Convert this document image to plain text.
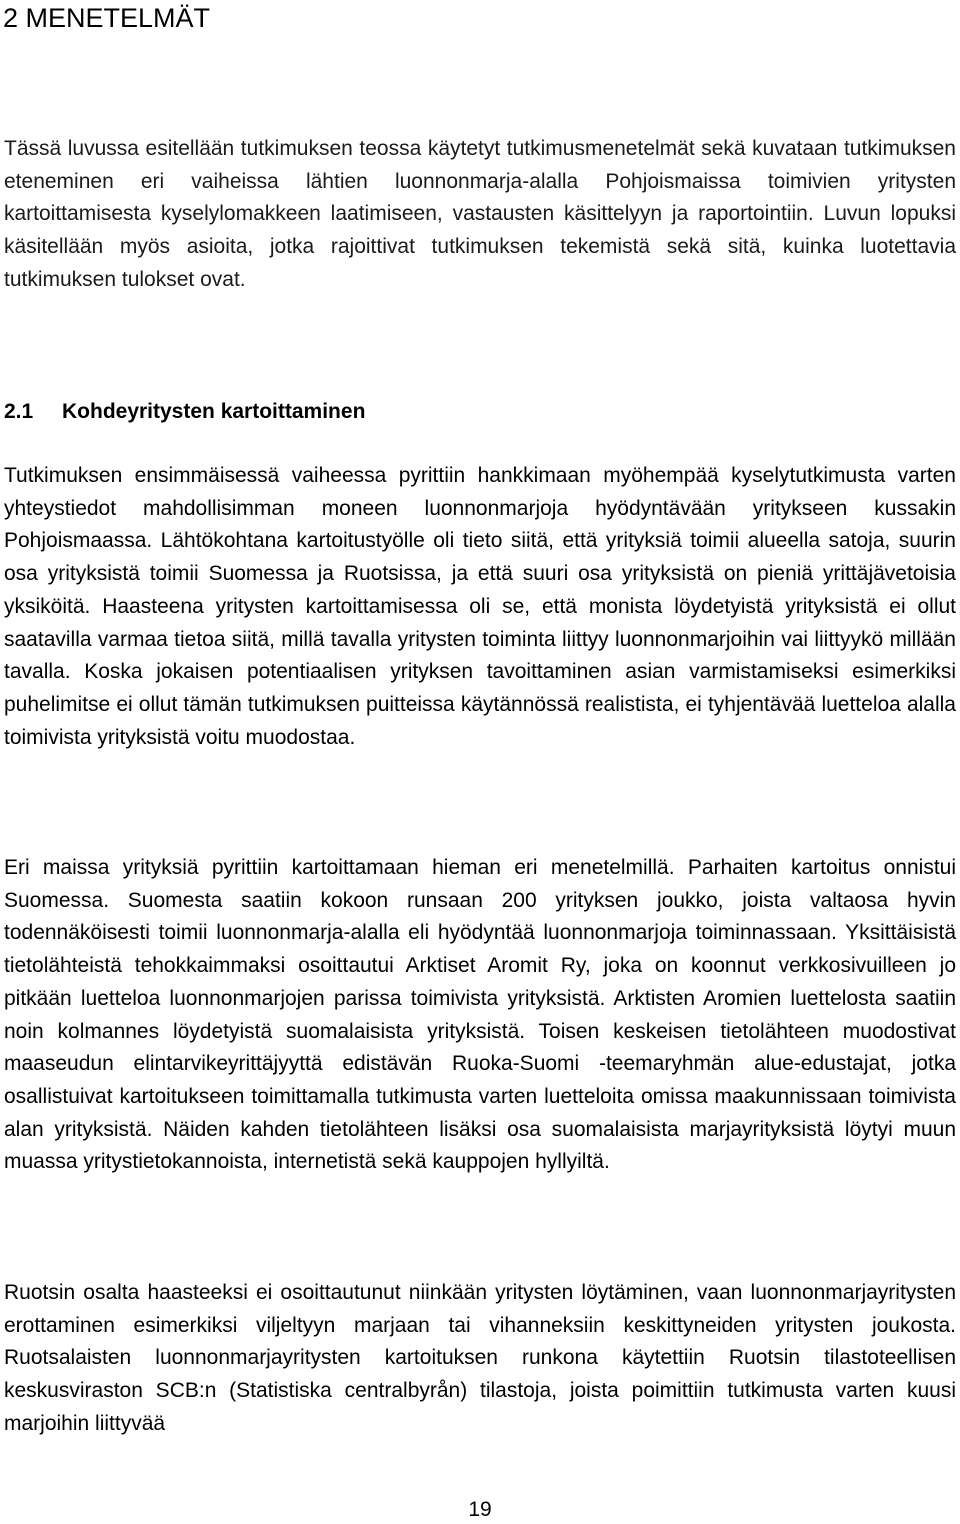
2 MENETELMÄT

Tässä luvussa esitellään tutkimuksen teossa käytetyt tutkimusmenetelmät sekä kuvataan tutkimuksen eteneminen eri vaiheissa lähtien luonnonmarja-alalla Pohjoismaissa toimivien yritysten kartoittamisesta kyselylomakkeen laatimiseen, vastausten käsittelyyn ja raportointiin. Luvun lopuksi käsitellään myös asioita, jotka rajoittivat tutkimuksen tekemistä sekä sitä, kuinka luotettavia tutkimuksen tulokset ovat.

2.1 Kohdeyritysten kartoittaminen

Tutkimuksen ensimmäisessä vaiheessa pyrittiin hankkimaan myöhempää kyselytutkimusta varten yhteystiedot mahdollisimman moneen luonnonmarjoja hyödyntävään yritykseen kussakin Pohjoismaassa. Lähtökohtana kartoitustyölle oli tieto siitä, että yrityksiä toimii alueella satoja, suurin osa yrityksistä toimii Suomessa ja Ruotsissa, ja että suuri osa yrityksistä on pieniä yrittäjävetoisia yksiköitä. Haasteena yritysten kartoittamisessa oli se, että monista löydetyistä yrityksistä ei ollut saatavilla varmaa tietoa siitä, millä tavalla yritysten toiminta liittyy luonnonmarjoihin vai liittyykö millään tavalla. Koska jokaisen potentiaalisen yrityksen tavoittaminen asian varmistamiseksi esimerkiksi puhelimitse ei ollut tämän tutkimuksen puitteissa käytännössä realistista, ei tyhjentävää luetteloa alalla toimivista yrityksistä voitu muodostaa.

Eri maissa yrityksiä pyrittiin kartoittamaan hieman eri menetelmillä. Parhaiten kartoitus onnistui Suomessa. Suomesta saatiin kokoon runsaan 200 yrityksen joukko, joista valtaosa hyvin todennäköisesti toimii luonnonmarja-alalla eli hyödyntää luonnonmarjoja toiminnassaan. Yksittäisistä tietolähteistä tehokkaimmaksi osoittautui Arktiset Aromit Ry, joka on koonnut verkkosivuilleen jo pitkään luetteloa luonnonmarjojen parissa toimivista yrityksistä. Arktisten Aromien luettelosta saatiin noin kolmannes löydetyistä suomalaisista yrityksistä. Toisen keskeisen tietolähteen muodostivat maaseudun elintarvikeyrittäjyyttä edistävän Ruoka-Suomi -teemaryhmän alue-edustajat, jotka osallistuivat kartoitukseen toimittamalla tutkimusta varten luetteloita omissa maakunnissaan toimivista alan yrityksistä. Näiden kahden tietolähteen lisäksi osa suomalaisista marjayrityksistä löytyi muun muassa yritystietokannoista, internetistä sekä kauppojen hyllyiltä.

Ruotsin osalta haasteeksi ei osoittautunut niinkään yritysten löytäminen, vaan luonnonmarjayritysten erottaminen esimerkiksi viljeltyyn marjaan tai vihanneksiin keskittyneiden yritysten joukosta. Ruotsalaisten luonnonmarjayritysten kartoituksen runkona käytettiin Ruotsin tilastoteellisen keskusviraston SCB:n (Statistiska centralbyrån) tilastoja, joista poimittiin tutkimusta varten kuusi marjoihin liittyvää

19
